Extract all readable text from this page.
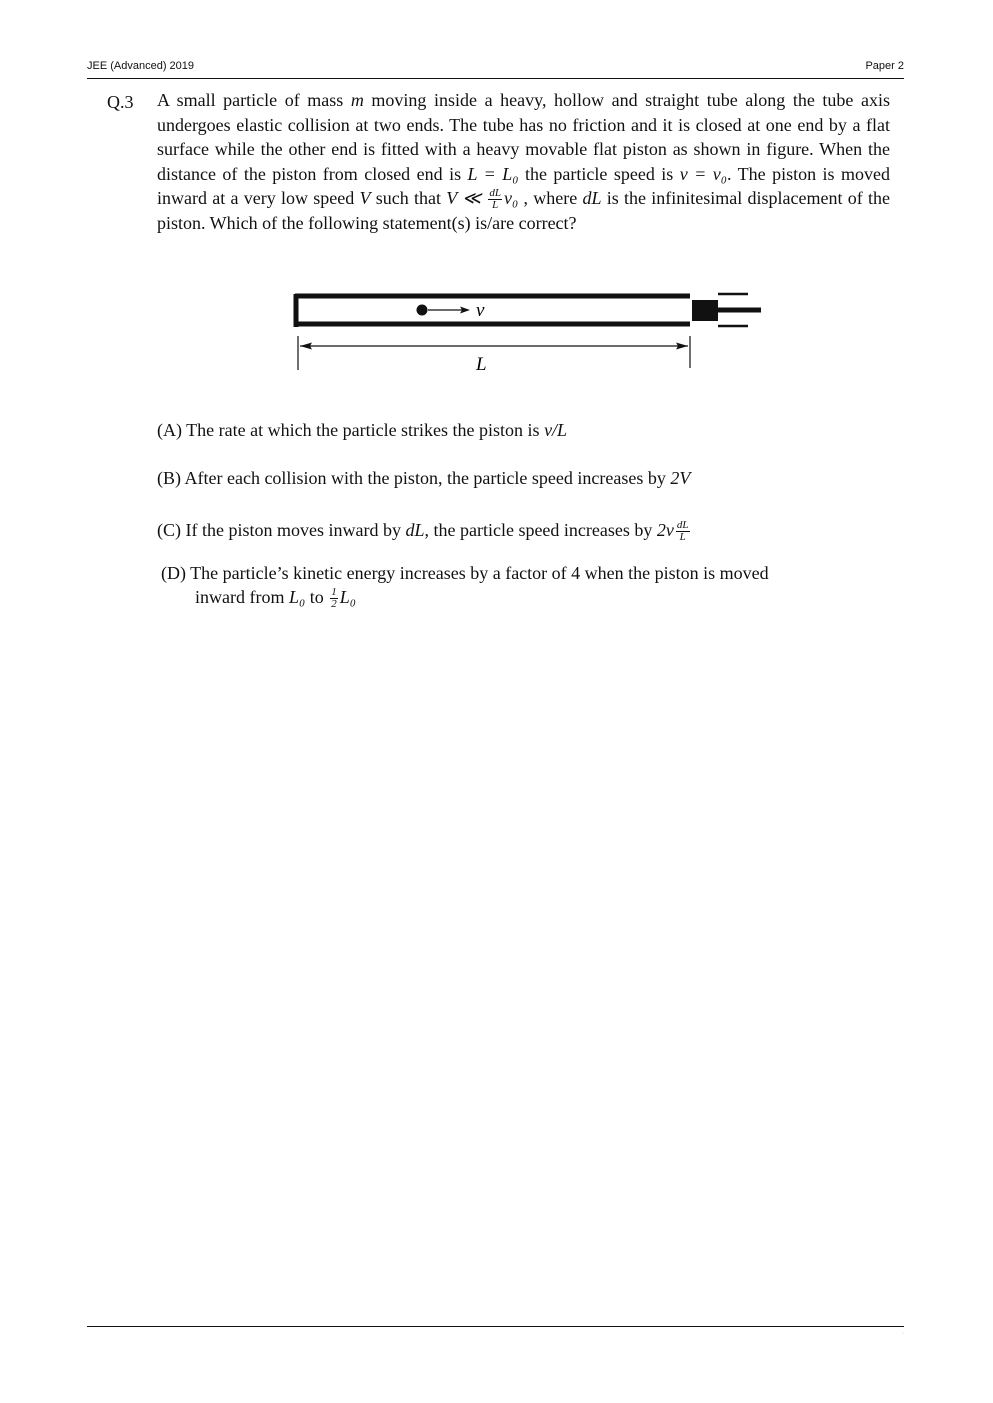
JEE (Advanced) 2019	Paper 2
Q.3 A small particle of mass m moving inside a heavy, hollow and straight tube along the tube axis undergoes elastic collision at two ends. The tube has no friction and it is closed at one end by a flat surface while the other end is fitted with a heavy movable flat piston as shown in figure. When the distance of the piston from closed end is L = L₀ the particle speed is v = v₀. The piston is moved inward at a very low speed V such that V ≪ $\frac{dL}{L} v_0$ , where dL is the infinitesimal displacement of the piston. Which of the following statement(s) is/are correct?
v
L
(A) The rate at which the particle strikes the piston is v/L
(B) After each collision with the piston, the particle speed increases by 2V
(C) If the piston moves inward by dL, the particle speed increases by $2v \frac{dL}{L}$
(D) The particle’s kinetic energy increases by a factor of 4 when the piston is moved
inward from L₀ to $\frac{1}{2} L_0$
·
